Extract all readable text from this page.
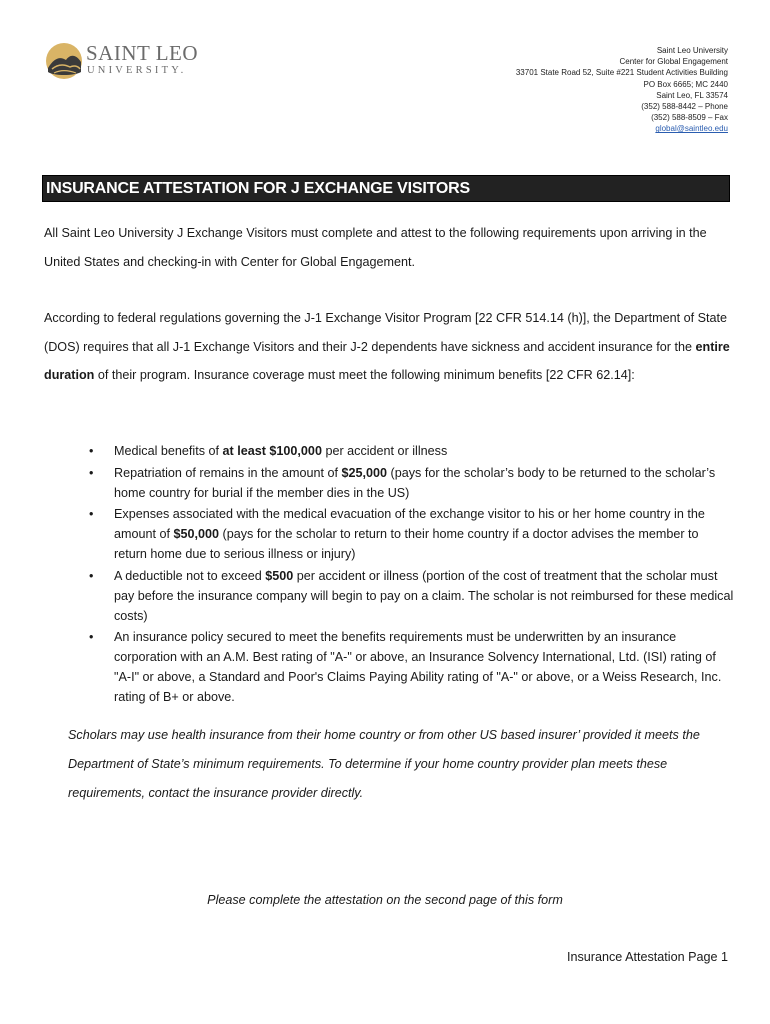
SAINT LEO
UNIVERSITY.
Saint Leo University
Center for Global Engagement
33701 State Road 52, Suite #221 Student Activities Building
PO Box 6665; MC 2440
Saint Leo, FL 33574
(352) 588-8442 – Phone
(352) 588-8509 – Fax
global@saintleo.edu
INSURANCE ATTESTATION FOR J EXCHANGE VISITORS
All Saint Leo University J Exchange Visitors must complete and attest to the following requirements upon arriving in the United States and checking-in with Center for Global Engagement.
According to federal regulations governing the J-1 Exchange Visitor Program [22 CFR 514.14 (h)], the Department of State (DOS) requires that all J-1 Exchange Visitors and their J-2 dependents have sickness and accident insurance for the entire duration of their program. Insurance coverage must meet the following minimum benefits [22 CFR 62.14]:
• Medical benefits of at least $100,000 per accident or illness
• Repatriation of remains in the amount of $25,000 (pays for the scholar’s body to be returned to the scholar’s home country for burial if the member dies in the US)
• Expenses associated with the medical evacuation of the exchange visitor to his or her home country in the amount of $50,000 (pays for the scholar to return to their home country if a doctor advises the member to return home due to serious illness or injury)
• A deductible not to exceed $500 per accident or illness (portion of the cost of treatment that the scholar must pay before the insurance company will begin to pay on a claim. The scholar is not reimbursed for these medical costs)
• An insurance policy secured to meet the benefits requirements must be underwritten by an insurance corporation with an A.M. Best rating of "A-" or above, an Insurance Solvency International, Ltd. (ISI) rating of "A-I" or above, a Standard and Poor's Claims Paying Ability rating of "A-" or above, or a Weiss Research, Inc. rating of B+ or above.
Scholars may use health insurance from their home country or from other US based insurer’ provided it meets the Department of State’s minimum requirements. To determine if your home country provider plan meets these requirements, contact the insurance provider directly.
Please complete the attestation on the second page of this form
Insurance Attestation Page 1
